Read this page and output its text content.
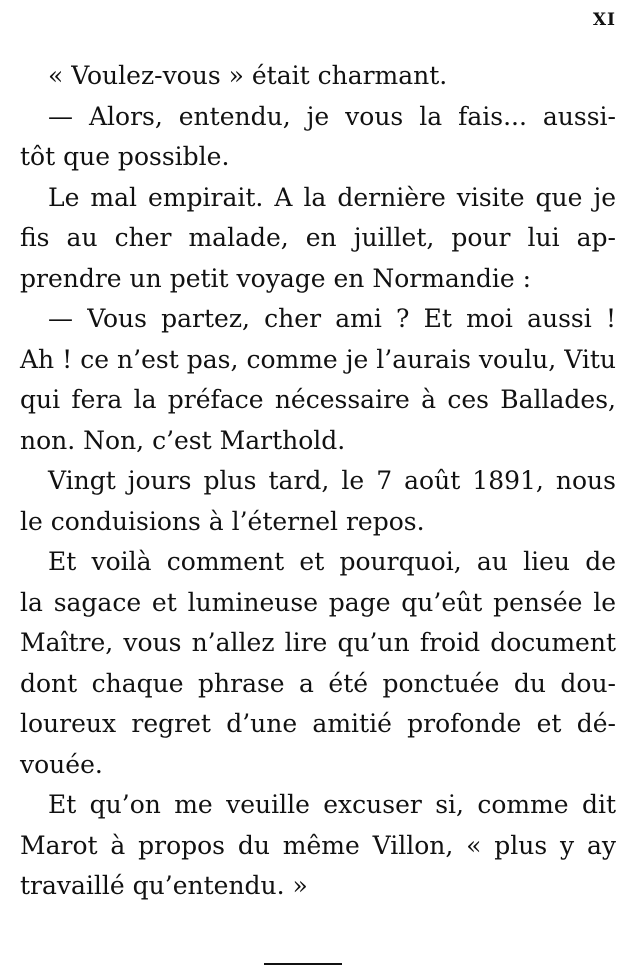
XI
« Voulez-vous » était charmant.
— Alors, entendu, je vous la fais... aussi-
tôt que possible.
Le mal empirait. A la dernière visite que je
fis au cher malade, en juillet, pour lui ap-
prendre un petit voyage en Normandie :
— Vous partez, cher ami ? Et moi aussi !
Ah ! ce n’est pas, comme je l’aurais voulu, Vitu
qui fera la préface nécessaire à ces Ballades,
non. Non, c’est Marthold.
Vingt jours plus tard, le 7 août 1891, nous
le conduisions à l’éternel repos.
Et voilà comment et pourquoi, au lieu de
la sagace et lumineuse page qu’eût pensée le
Maître, vous n’allez lire qu’un froid document
dont chaque phrase a été ponctuée du dou-
loureux regret d’une amitié profonde et dé-
vouée.
Et qu’on me veuille excuser si, comme dit
Marot à propos du même Villon, « plus y ay
travaillé qu’entendu. »
